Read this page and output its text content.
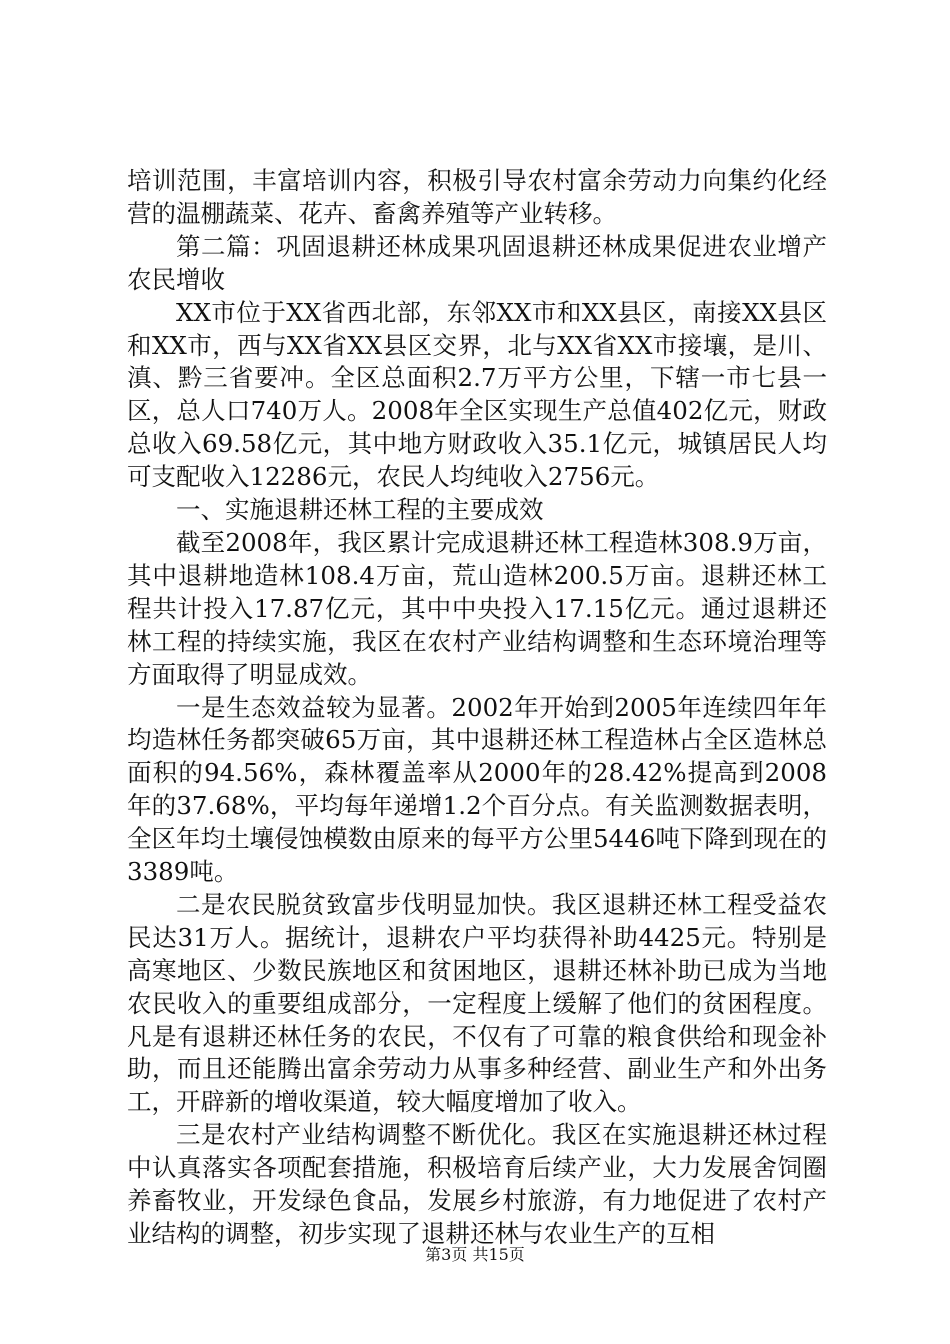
培训范围，丰富培训内容，积极引导农村富余劳动力向集约化经营的温棚蔬菜、花卉、畜禽养殖等产业转移。

第二篇：巩固退耕还林成果巩固退耕还林成果促进农业增产农民增收

XX市位于XX省西北部，东邻XX市和XX县区，南接XX县区和XX市，西与XX省XX县区交界，北与XX省XX市接壤，是川、滇、黔三省要冲。全区总面积2.7万平方公里，下辖一市七县一区，总人口740万人。2008年全区实现生产总值402亿元，财政总收入69.58亿元，其中地方财政收入35.1亿元，城镇居民人均可支配收入12286元，农民人均纯收入2756元。

一、实施退耕还林工程的主要成效

截至2008年，我区累计完成退耕还林工程造林308.9万亩，其中退耕地造林108.4万亩，荒山造林200.5万亩。退耕还林工程共计投入17.87亿元，其中中央投入17.15亿元。通过退耕还林工程的持续实施，我区在农村产业结构调整和生态环境治理等方面取得了明显成效。

一是生态效益较为显著。2002年开始到2005年连续四年年均造林任务都突破65万亩，其中退耕还林工程造林占全区造林总面积的94.56%，森林覆盖率从2000年的28.42%提高到2008年的37.68%，平均每年递增1.2个百分点。有关监测数据表明，全区年均土壤侵蚀模数由原来的每平方公里5446吨下降到现在的3389吨。

二是农民脱贫致富步伐明显加快。我区退耕还林工程受益农民达31万人。据统计，退耕农户平均获得补助4425元。特别是高寒地区、少数民族地区和贫困地区，退耕还林补助已成为当地农民收入的重要组成部分，一定程度上缓解了他们的贫困程度。凡是有退耕还林任务的农民，不仅有了可靠的粮食供给和现金补助，而且还能腾出富余劳动力从事多种经营、副业生产和外出务工，开辟新的增收渠道，较大幅度增加了收入。

三是农村产业结构调整不断优化。我区在实施退耕还林过程中认真落实各项配套措施，积极培育后续产业，大力发展舍饲圈养畜牧业，开发绿色食品，发展乡村旅游，有力地促进了农村产业结构的调整，初步实现了退耕还林与农业生产的互相

第3页 共15页
